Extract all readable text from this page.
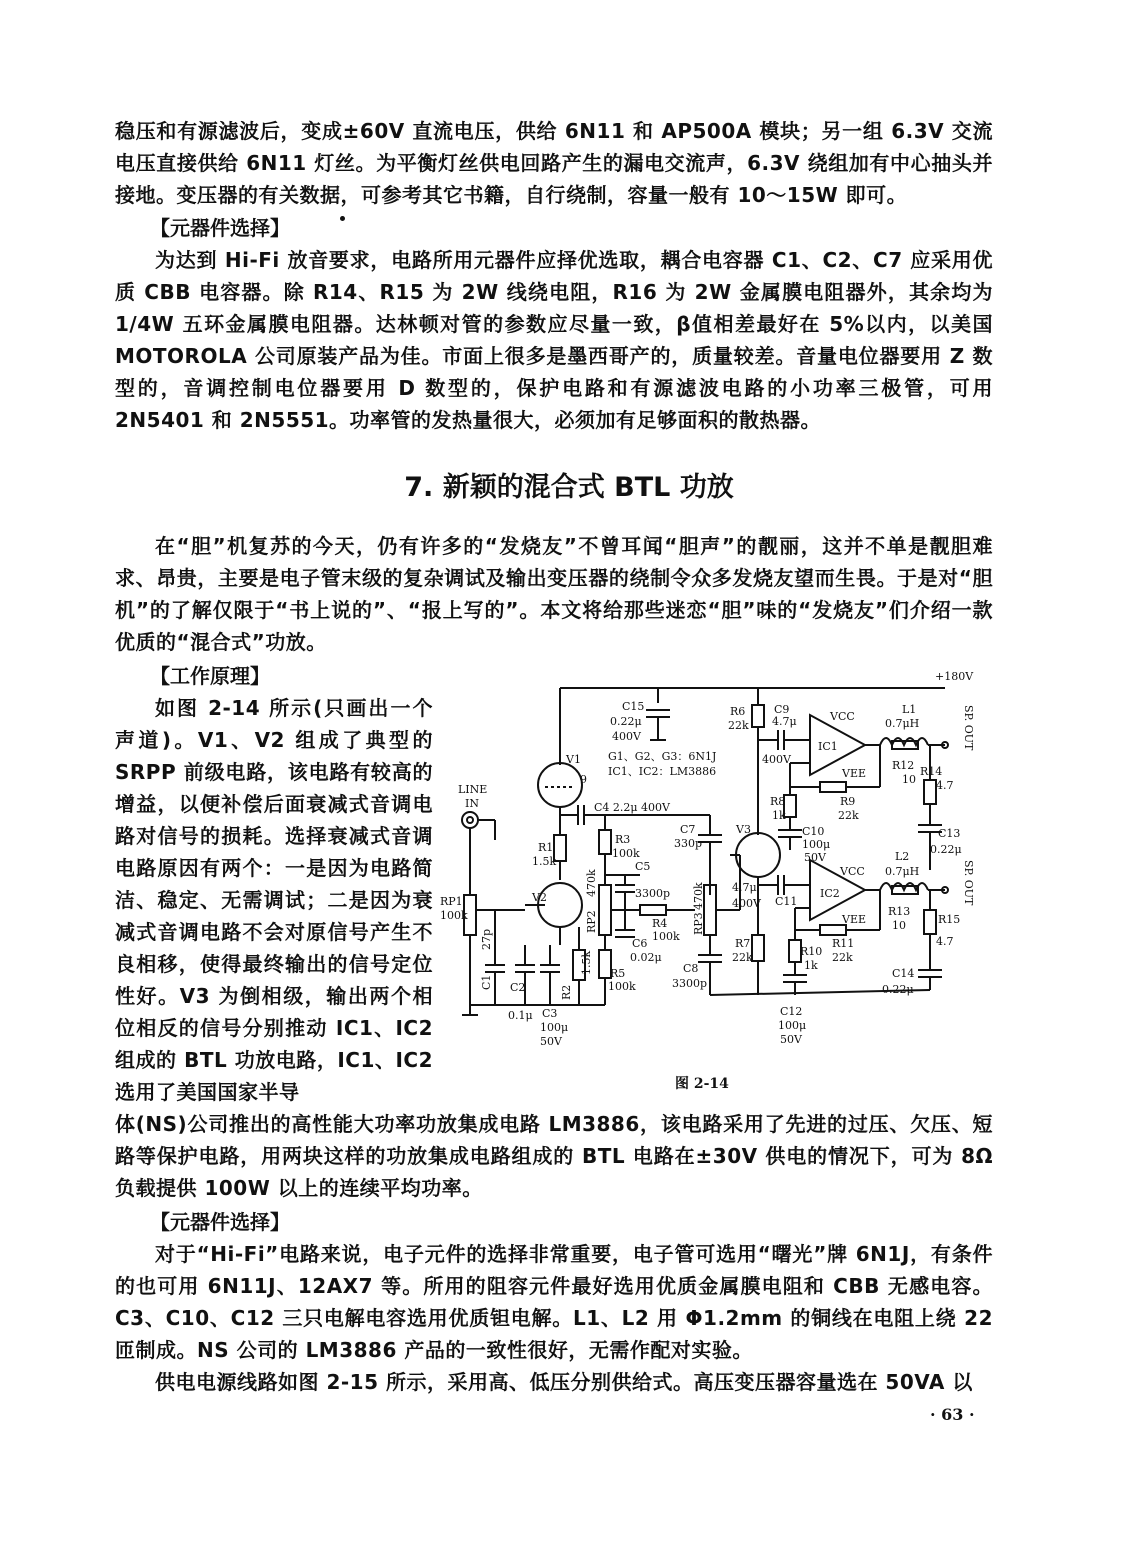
稳压和有源滤波后，变成±60V 直流电压，供给 6N11 和 AP500A 模块；另一组 6.3V 交流电压直接供给 6N11 灯丝。为平衡灯丝供电回路产生的漏电交流声，6.3V 绕组加有中心抽头并接地。变压器的有关数据，可参考其它书籍，自行绕制，容量一般有 10～15W 即可。
【元器件选择】
为达到 Hi-Fi 放音要求，电路所用元器件应择优选取，耦合电容器 C1、C2、C7 应采用优质 CBB 电容器。除 R14、R15 为 2W 线绕电阻，R16 为 2W 金属膜电阻器外，其余均为 1/4W 五环金属膜电阻器。达林顿对管的参数应尽量一致，β值相差最好在 5%以内，以美国 MOTOROLA 公司原装产品为佳。市面上很多是墨西哥产的，质量较差。音量电位器要用 Z 数型的，音调控制电位器要用 D 数型的，保护电路和有源滤波电路的小功率三极管，可用 2N5401 和 2N5551。功率管的发热量很大，必须加有足够面积的散热器。
7. 新颖的混合式 BTL 功放
在“胆”机复苏的今天，仍有许多的“发烧友”不曾耳闻“胆声”的靓丽，这并不单是靓胆难求、昂贵，主要是电子管末级的复杂调试及输出变压器的绕制令众多发烧友望而生畏。于是对“胆机”的了解仅限于“书上说的”、“报上写的”。本文将给那些迷恋“胆”味的“发烧友”们介绍一款优质的“混合式”功放。
【工作原理】
如图 2-14 所示(只画出一个声道)。V1、V2 组成了典型的 SRPP 前级电路，该电路有较高的增益，以便补偿后面衰减式音调电路对信号的损耗。选择衰减式音调电路原因有两个：一是因为电路简洁、稳定、无需调试；二是因为衰减式音调电路不会对原信号产生不良相移，使得最终输出的信号定位性好。V3 为倒相级，输出两个相位相反的信号分别推动 IC1、IC2 组成的 BTL 功放电路，IC1、IC2 选用了美国国家半导
+180V
C15
0.22μ
400V
R6
22k
C9
4.7μ
400V
VCC
IC1
VEE
L1
0.7μH
R12
10
SP. OUT
V1
9
G1、G2、G3：6N1J
IC1、IC2：LM3886
LINE
IN	C4 2.2μ 400V
R1
1.5k
R3
100k
C7
330p
V3
R8
1k
R9
22k
R14
4.7
C13
0.22μ
C10
100μ
50V	L2
0.7μH
VCC
RP1
100k
V2
C5
3300p
470k
RP2	R4
100k
470k
RP3
4.7μ
C11
400V
IC2
VEE
R13
10
SP. OUT
R15
4.7
C6
0.02μ
C1
27p
R2
1.5k R5
100k
C8
3300p
R7
22k	R10
1k
R11
22k
C14
0.22μ
C2
0.1μ C3
100μ
50V
C12
100μ
50V
图 2-14
体(NS)公司推出的高性能大功率功放集成电路 LM3886，该电路采用了先进的过压、欠压、短路等保护电路，用两块这样的功放集成电路组成的 BTL 电路在±30V 供电的情况下，可为 8Ω 负载提供 100W 以上的连续平均功率。
【元器件选择】
对于“Hi-Fi”电路来说，电子元件的选择非常重要，电子管可选用“曙光”牌 6N1J，有条件的也可用 6N11J、12AX7 等。所用的阻容元件最好选用优质金属膜电阻和 CBB 无感电容。C3、C10、C12 三只电解电容选用优质钽电解。L1、L2 用 Φ1.2mm 的铜线在电阻上绕 22 匝制成。NS 公司的 LM3886 产品的一致性很好，无需作配对实验。
供电电源线路如图 2-15 所示，采用高、低压分别供给式。高压变压器容量选在 50VA 以
· 63 ·
